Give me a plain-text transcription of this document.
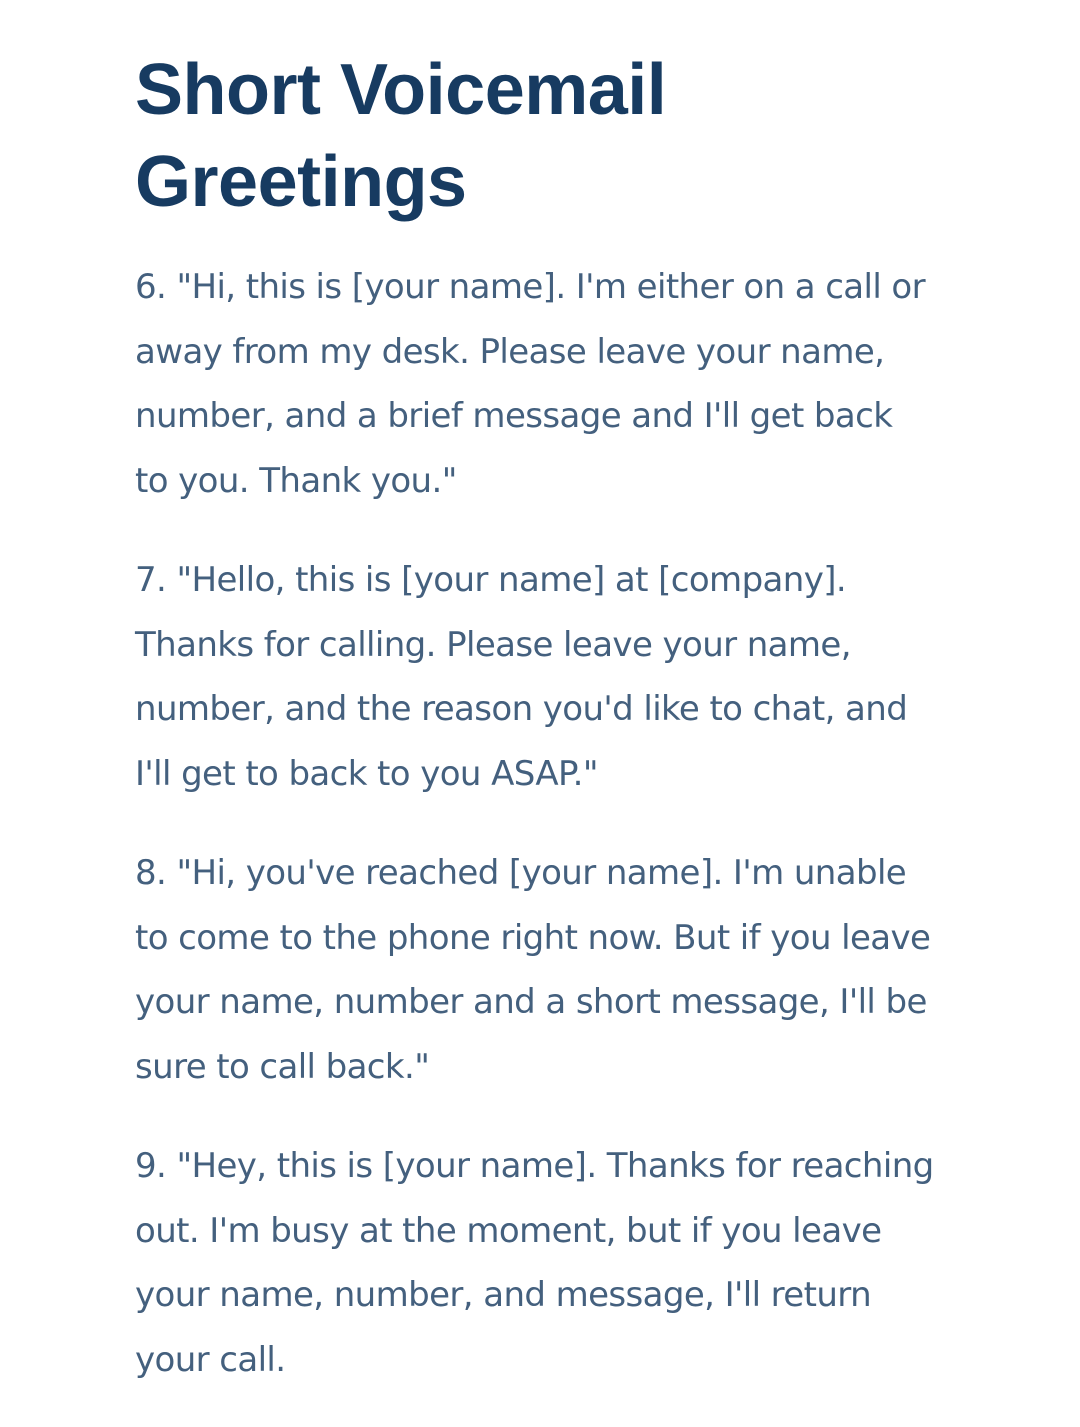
Short Voicemail
Greetings

6. "Hi, this is [your name]. I'm either on a call or
away from my desk. Please leave your name,
number, and a brief message and I'll get back
to you. Thank you."

7. "Hello, this is [your name] at [company].
Thanks for calling. Please leave your name,
number, and the reason you'd like to chat, and
I'll get to back to you ASAP."

8. "Hi, you've reached [your name]. I'm unable
to come to the phone right now. But if you leave
your name, number and a short message, I'll be
sure to call back."

9. "Hey, this is [your name]. Thanks for reaching
out. I'm busy at the moment, but if you leave
your name, number, and message, I'll return
your call.
